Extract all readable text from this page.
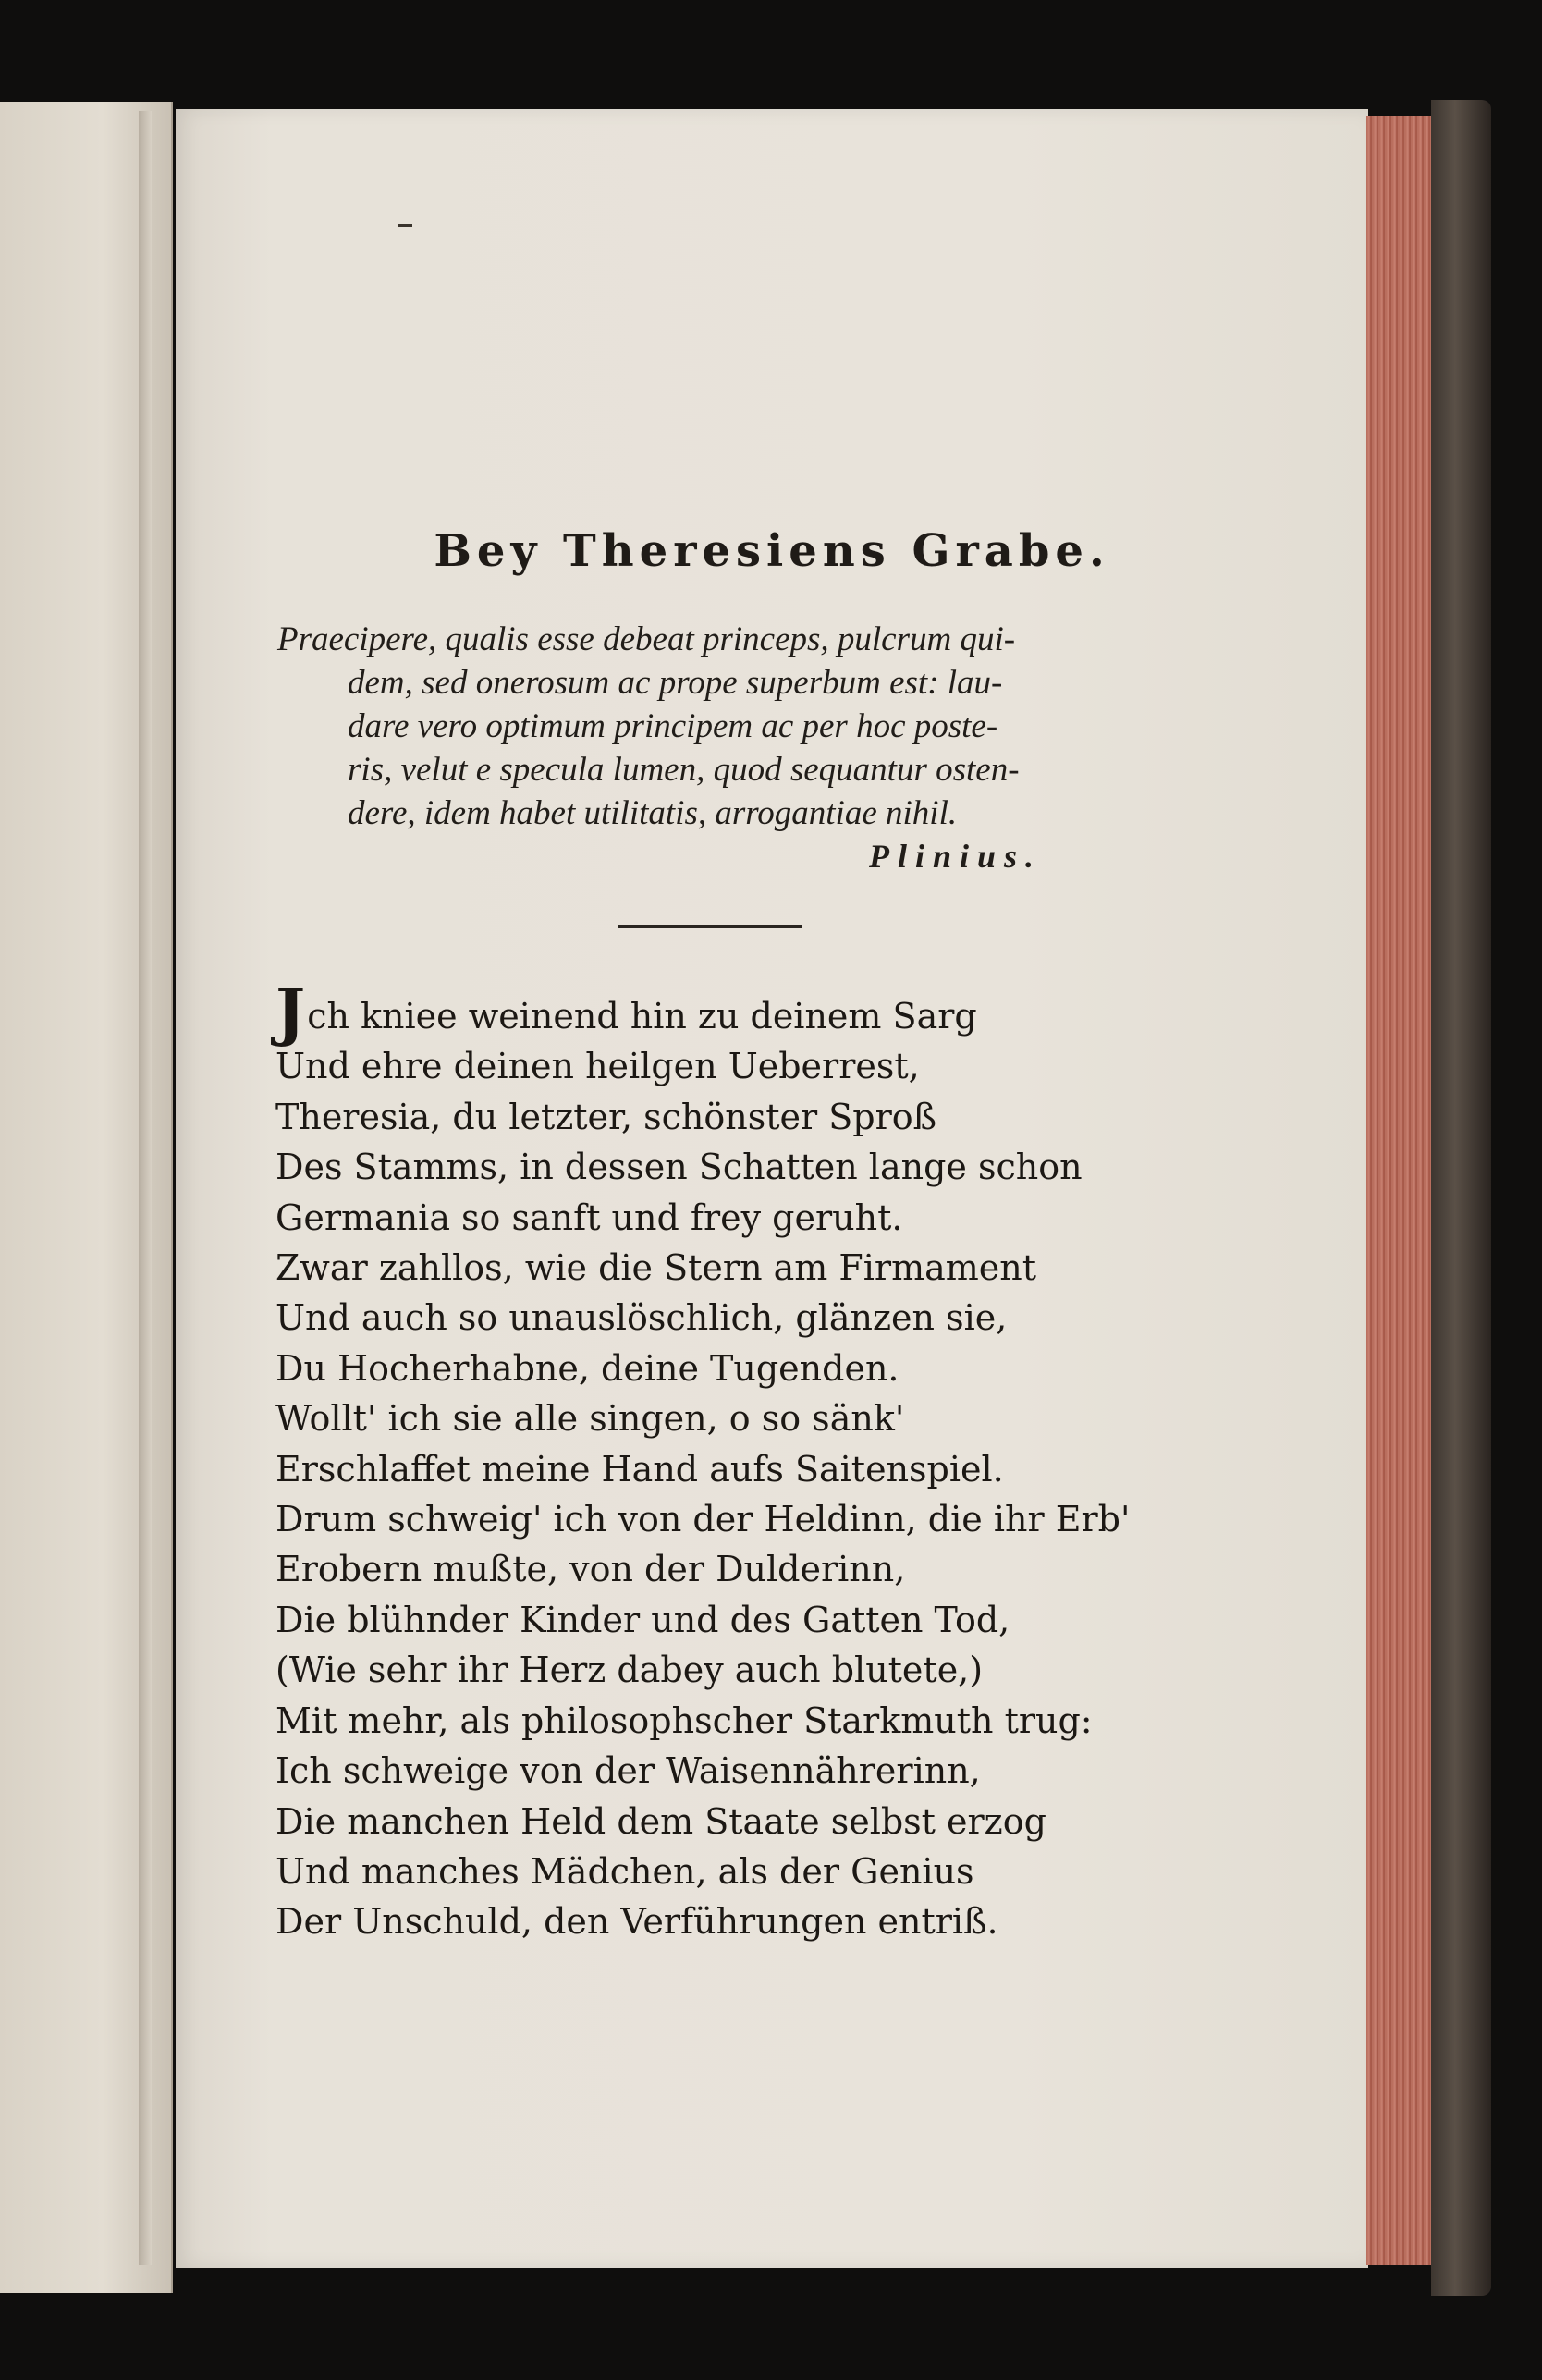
Bey Theresiens Grabe.
Praecipere, qualis esse debeat princeps, pulcrum qui-
dem, sed onerosum ac prope superbum est: lau-
dare vero optimum principem ac per hoc poste-
ris, velut e specula lumen, quod sequantur osten-
dere, idem habet utilitatis, arrogantiae nihil.
Plinius.
Jch kniee weinend hin zu deinem Sarg
Und ehre deinen heilgen Ueberrest,
Theresia, du letzter, schönster Sproß
Des Stamms, in dessen Schatten lange schon
Germania so sanft und frey geruht.
Zwar zahllos, wie die Stern am Firmament
Und auch so unauslöschlich, glänzen sie,
Du Hocherhabne, deine Tugenden.
Wollt' ich sie alle singen, o so sänk'
Erschlaffet meine Hand aufs Saitenspiel.
Drum schweig' ich von der Heldinn, die ihr Erb'
Erobern mußte, von der Dulderinn,
Die blühnder Kinder und des Gatten Tod,
(Wie sehr ihr Herz dabey auch blutete,)
Mit mehr, als philosophscher Starkmuth trug:
Ich schweige von der Waisennährerinn,
Die manchen Held dem Staate selbst erzog
Und manches Mädchen, als der Genius
Der Unschuld, den Verführungen entriß.
